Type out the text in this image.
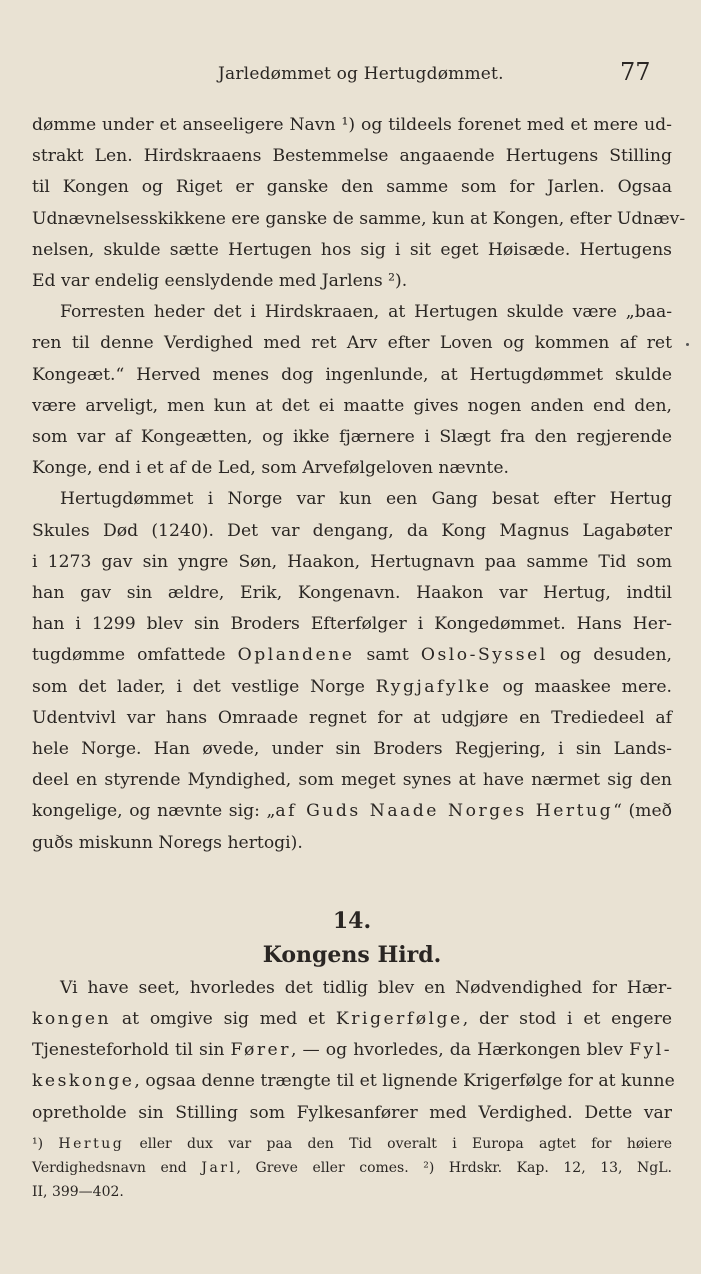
Jarledømmet og Hertugdømmet.	77

dømme under et anseeligere Navn ¹) og tildeels forenet med et mere ud-

strakt Len. Hirdskraaens Bestemmelse angaaende Hertugens Stilling

til Kongen og Riget er ganske den samme som for Jarlen. Ogsaa

Udnævnelsesskikkene ere ganske de samme, kun at Kongen, efter Udnæv-

nelsen, skulde sætte Hertugen hos sig i sit eget Høisæde. Hertugens

Ed var endelig eenslydende med Jarlens ²).

Forresten heder det i Hirdskraaen, at Hertugen skulde være „baa-

ren til denne Verdighed med ret Arv efter Loven og kommen af ret

Kongeæt.“ Herved menes dog ingenlunde, at Hertugdømmet skulde

være arveligt, men kun at det ei maatte gives nogen anden end den,

som var af Kongeætten, og ikke fjærnere i Slægt fra den regjerende

Konge, end i et af de Led, som Arvefølgeloven nævnte.

Hertugdømmet i Norge var kun een Gang besat efter Hertug

Skules Død (1240). Det var dengang, da Kong Magnus Lagabøter

i 1273 gav sin yngre Søn, Haakon, Hertugnavn paa samme Tid som

han gav sin ældre, Erik, Kongenavn. Haakon var Hertug, indtil

han i 1299 blev sin Broders Efterfølger i Kongedømmet. Hans Her-

tugdømme omfattede Oplandene samt Oslo-Syssel og desuden,

som det lader, i det vestlige Norge Rygjafylke og maaskee mere.

Udentvivl var hans Omraade regnet for at udgjøre en Trediedeel af

hele Norge. Han øvede, under sin Broders Regjering, i sin Lands-

deel en styrende Myndighed, som meget synes at have nærmet sig den

kongelige, og nævnte sig: „af Guds Naade Norges Hertug“ (með

guðs miskunn Noregs hertogi).

14.
Kongens Hird.

Vi have seet, hvorledes det tidlig blev en Nødvendighed for Hær-

kongen at omgive sig med et Krigerfølge, der stod i et engere

Tjenesteforhold til sin Fører, — og hvorledes, da Hærkongen blev Fyl-

keskonge, ogsaa denne trængte til et lignende Krigerfølge for at kunne

opretholde sin Stilling som Fylkesanfører med Verdighed. Dette var

¹) Hertug eller dux var paa den Tid overalt i Europa agtet for høiere

Verdighedsnavn end Jarl, Greve eller comes. ²) Hrdskr. Kap. 12, 13, NgL.

II, 399—402.
